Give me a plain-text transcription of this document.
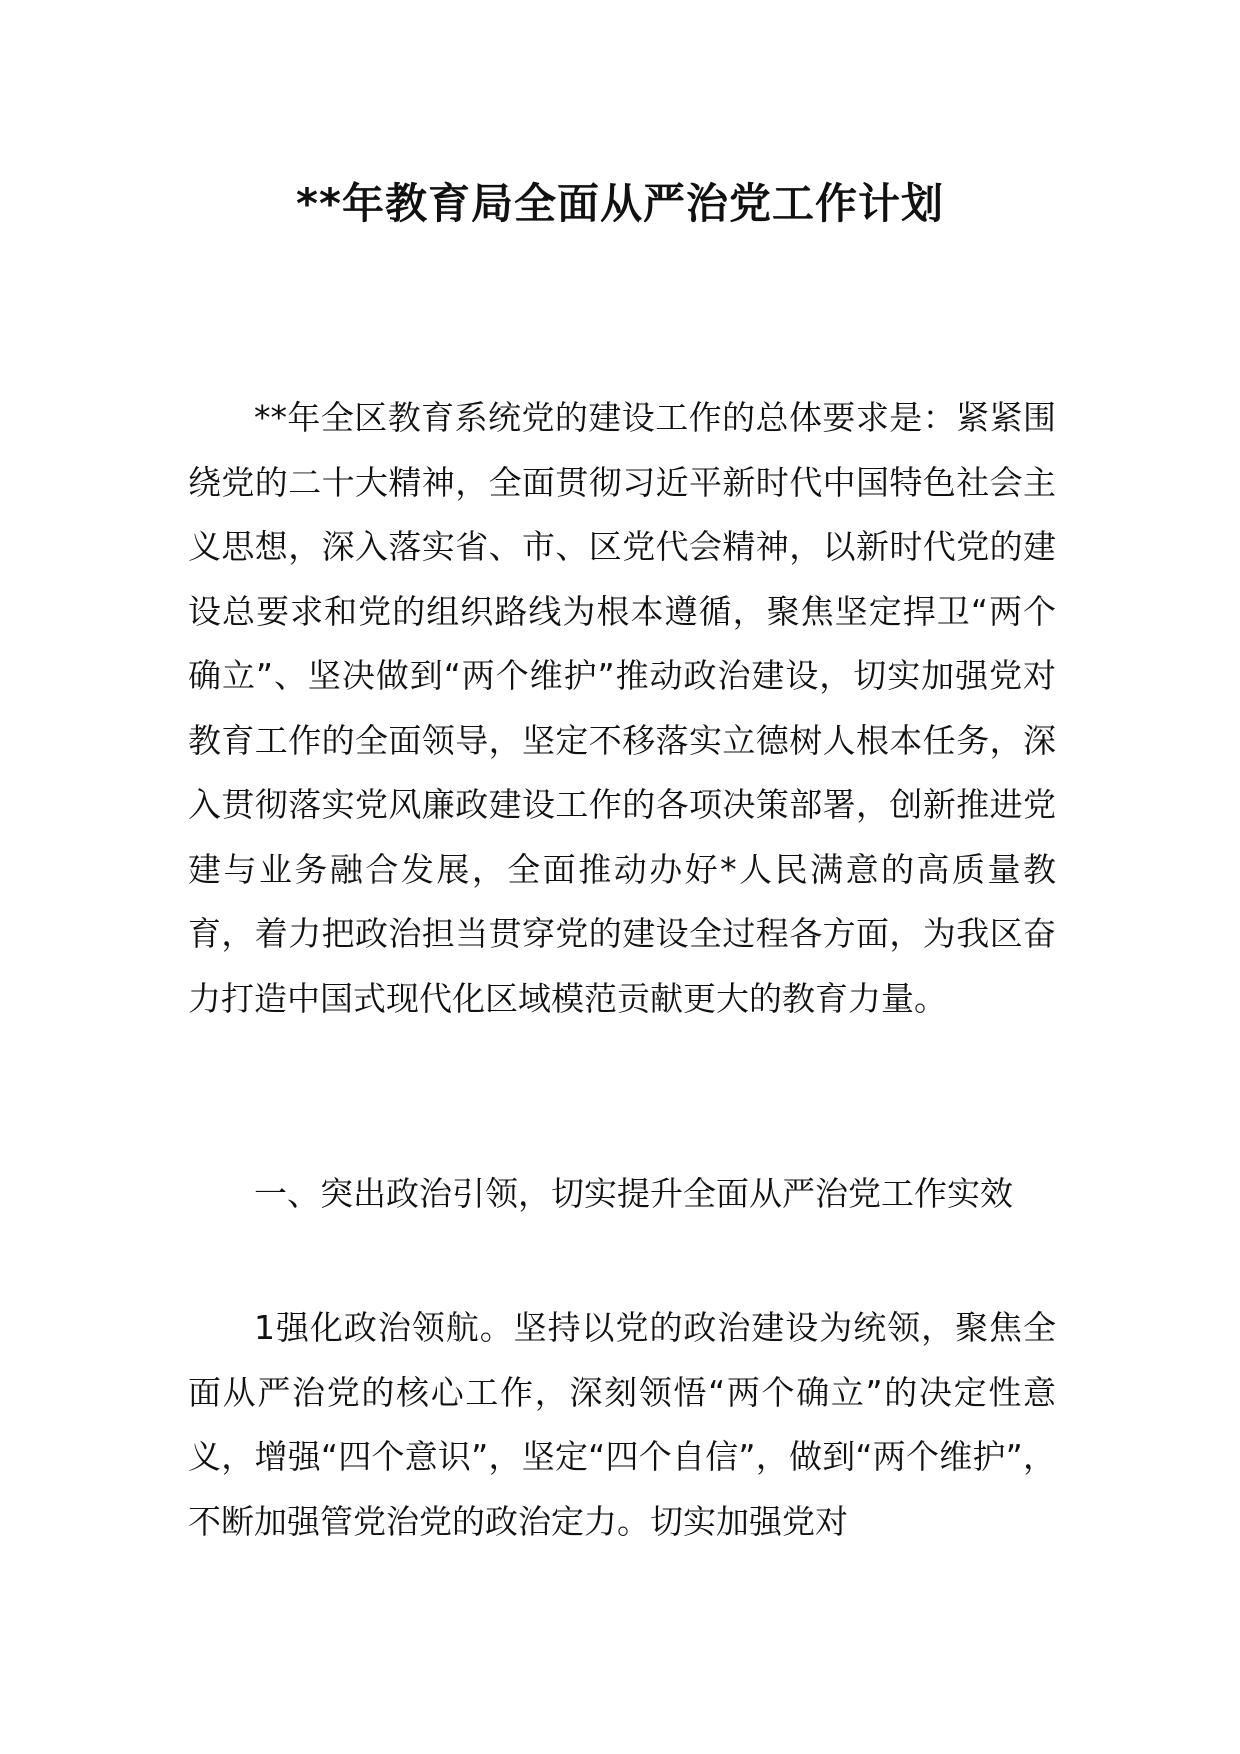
**年教育局全面从严治党工作计划

**年全区教育系统党的建设工作的总体要求是：紧紧围绕党的二十大精神，全面贯彻习近平新时代中国特色社会主义思想，深入落实省、市、区党代会精神，以新时代党的建设总要求和党的组织路线为根本遵循，聚焦坚定捍卫“两个确立”、坚决做到“两个维护”推动政治建设，切实加强党对教育工作的全面领导，坚定不移落实立德树人根本任务，深入贯彻落实党风廉政建设工作的各项决策部署，创新推进党建与业务融合发展，全面推动办好*人民满意的高质量教育，着力把政治担当贯穿党的建设全过程各方面，为我区奋力打造中国式现代化区域模范贡献更大的教育力量。

一、突出政治引领，切实提升全面从严治党工作实效

1强化政治领航。坚持以党的政治建设为统领，聚焦全面从严治党的核心工作，深刻领悟“两个确立”的决定性意义，增强“四个意识”，坚定“四个自信”，做到“两个维护”，不断加强管党治党的政治定力。切实加强党对
